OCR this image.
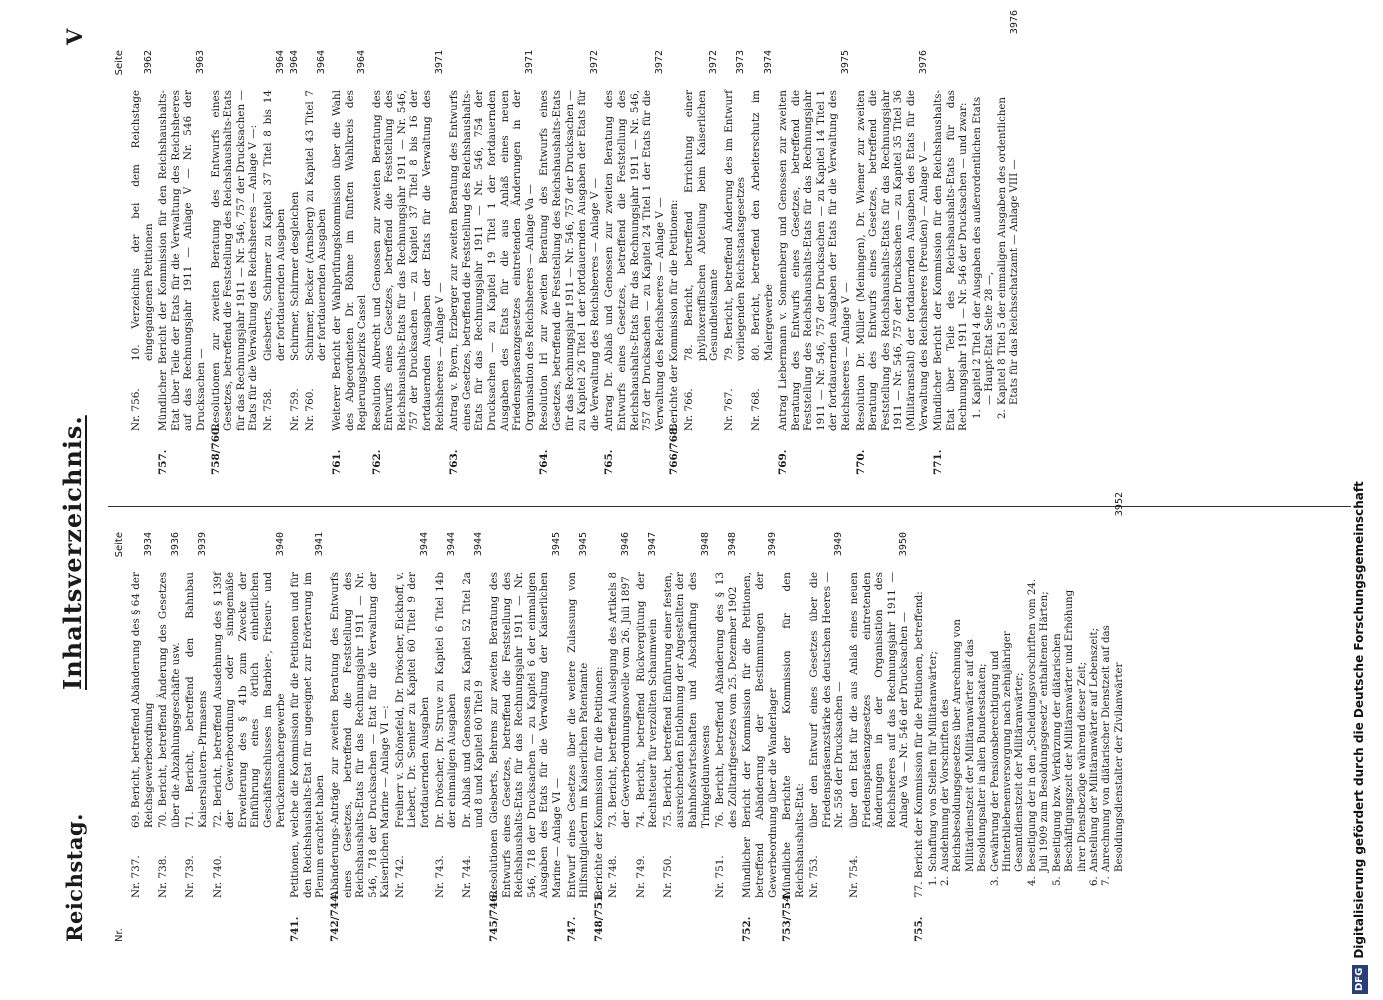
Reichstag.
Inhaltsverzeichnis.
V
Nr.
Seite
Nr. 737.
69. Bericht, betreffend Abänderung des § 64 der Reichsgewerbeordnung
3934
Nr. 738.
70. Bericht, betreffend Änderung des Gesetzes über die Abzahlungsgeschäfte usw.
3936
Nr. 739.
71. Bericht, betreffend den Bahnbau Kaiserslautern–Pirmasens
3939
Nr. 740.
72. Bericht, betreffend Ausdehnung des § 139f der Gewerbeordnung oder sinngemäße Erweiterung des § 41b zum Zwecke der Einführung eines örtlich einheitlichen Geschäftsschlusses im Barbier-, Friseur- und Perückenmachergewerbe
3940
741.
Petitionen, welche die Kommission für die Petitionen und für den Reichshaushalts-Etat für ungeeignet zur Erörterung im Plenum erachtet haben
3941
742/744.
Abänderungs-Anträge zur zweiten Beratung des Entwurfs eines Gesetzes, betreffend die Feststellung des Reichshaushalts-Etats für das Rechnungsjahr 1911 — Nr. 546, 718 der Drucksachen — Etat für die Verwaltung der Kaiserlichen Marine — Anlage VI —: Nr. 742.
Freiherr v. Schönefeld, Dr. Dröscher, Eickhoff, v. Liebert, Dr. Semler zu Kapitel 60 Titel 9 der fortdauernden Ausgaben
3944
Nr. 743.
Dr. Dröscher, Dr. Struve zu Kapitel 6 Titel 14b der einmaligen Ausgaben
3944
Nr. 744.
Dr. Ablaß und Genossen zu Kapitel 52 Titel 2a und 8 und Kapitel 60 Titel 9
3944
745/746.
Resolutionen Giesberts, Behrens zur zweiten Beratung des Entwurfs eines Gesetzes, betreffend die Feststellung des Reichshaushalts-Etats für das Rechnungsjahr 1911 — Nr. 546, 718 der Drucksachen — zu Kapitel 6 der einmaligen Ausgaben des Etats für die Verwaltung der Kaiserlichen Marine — Anlage VI —
3945
747.
Entwurf eines Gesetzes über die weitere Zulassung von Hilfsmitgliedern im Kaiserlichen Patentamte
3945
748/751.
Berichte der Kommission für die Petitionen: Nr. 748.
73. Bericht, betreffend Auslegung des Artikels 8 der Gewerbeordnungsnovelle vom 26. Juli 1897
3946
Nr. 749.
74. Bericht, betreffend Rückvergütung der Rechtsteuer für verzollten Schaumwein
3947
Nr. 750.
75. Bericht, betreffend Einführung einer festen, ausreichenden Entlohnung der Angestellten der Bahnhofswirtschaften und Abschaffung des Trinkgeldunwesens
3948
Nr. 751.
76. Bericht, betreffend Abänderung des § 13 des Zolltarifgesetzes vom 25. Dezember 1902
3948
752.
Mündlicher Bericht der Kommission für die Petitionen, betreffend Abänderung der Bestimmungen der Gewerbeordnung über die Wanderlager
3949
753/754.
Mündliche Berichte der Kommission für den Reichshaushalts-Etat: Nr. 753.
über den Entwurf eines Gesetzes über die Friedenspräsenzstärke des deutschen Heeres — Nr. 558 der Drucksachen —
3949
Nr. 754.
über den Etat für die aus Anlaß eines neuen Friedenspräsenzgesetzes eintretenden Änderungen in der Organisation des Reichsheeres auf das Rechnungsjahr 1911 — Anlage Va — Nr. 546 der Drucksachen —
3950
755.
77. Bericht der Kommission für die Petitionen, betreffend: 1.
Schaffung von Stellen für Militäranwärter;
2.
Ausdehnung der Vorschriften des Reichsbesoldungsgesetzes über Anrechnung von Militärdienstzeit der Militäranwärter auf das Besoldungsalter in allen Bundesstaaten;
3.
Gewährung der Pensionsberechtigung und Hinterbliebenenversorgung nach zehnjähriger Gesamtdienstzeit der Militäranwärter;
4.
Beseitigung der in den „Scheidungsvorschriften vom 24. Juli 1909 zum Besoldungsgesetz“ enthaltenen Härten;
5.
Beseitigung bzw. Verkürzung der diätarischen Beschäftigungszeit der Militäranwärter und Erhöhung ihrer Dienstbezüge während dieser Zeit;
6.
Anstellung der Militäranwärter auf Lebenszeit;
7.
Anrechnung von diätarischer Dienstzeit auf das Besoldungsdienstalter der Zivilanwärter
3952
Seite
Nr. 756.
10. Verzeichnis der bei dem Reichstage eingegangenen Petitionen
3962
757.
Mündlicher Bericht der Kommission für den Reichshaushalts-Etat über Teile der Etats für die Verwaltung des Reichsheeres auf das Rechnungsjahr 1911 — Anlage V — Nr. 546 der Drucksachen —
3963
758/760.
Resolutionen zur zweiten Beratung des Entwurfs eines Gesetzes, betreffend die Feststellung des Reichshaushalts-Etats für das Rechnungsjahr 1911 — Nr. 546, 757 der Drucksachen — Etats für die Verwaltung des Reichsheeres — Anlage V —: Nr. 758.
Giesberts, Schirmer zu Kapitel 37 Titel 8 bis 14 der fortdauernden Ausgaben
3964
Nr. 759.
Schirmer, Schirmer desgleichen
3964
Nr. 760.
Schirmer, Becker (Arnsberg) zu Kapitel 43 Titel 7 der fortdauernden Ausgaben
3964
761.
Weiterer Bericht der Wahlprüfungskommission über die Wahl des Abgeordneten Dr. Böhme im fünften Wahlkreis des Regierungsbezirks Cassel
3964
762.
Resolution Albrecht und Genossen zur zweiten Beratung des Entwurfs eines Gesetzes, betreffend die Feststellung des Reichshaushalts-Etats für das Rechnungsjahr 1911 — Nr. 546, 757 der Drucksachen — zu Kapitel 37 Titel 8 bis 16 der fortdauernden Ausgaben der Etats für die Verwaltung des Reichsheeres — Anlage V —
3971
763.
Antrag v. Byern, Erzberger zur zweiten Beratung des Entwurfs eines Gesetzes, betreffend die Feststellung des Reichshaushalts-Etats für das Rechnungsjahr 1911 — Nr. 546, 754 der Drucksachen — zu Kapitel 19 Titel 1 der fortdauernden Ausgaben des Etats für die aus Anlaß eines neuen Friedenspräsenzgesetzes eintretenden Änderungen in der Organisation des Reichsheeres — Anlage Va —
3971
764.
Resolution Irl zur zweiten Beratung des Entwurfs eines Gesetzes, betreffend die Feststellung des Reichshaushalts-Etats für das Rechnungsjahr 1911 — Nr. 546, 757 der Drucksachen — zu Kapitel 26 Titel 1 der fortdauernden Ausgaben der Etats für die Verwaltung des Reichsheeres — Anlage V —
3972
765.
Antrag Dr. Ablaß und Genossen zur zweiten Beratung des Entwurfs eines Gesetzes, betreffend die Feststellung des Reichshaushalts-Etats für das Rechnungsjahr 1911 — Nr. 546, 757 der Drucksachen — zu Kapitel 24 Titel 1 der Etats für die Verwaltung des Reichsheeres — Anlage V —
3972
766/768.
Berichte der Kommission für die Petitionen: Nr. 766.
78. Bericht, betreffend Errichtung einer phylloxeraffischen Abteilung beim Kaiserlichen Gesundheitsamte
3972
Nr. 767.
79. Bericht, betreffend Änderung des im Entwurf vorliegenden Reichsstaatsgesetzes
3973
Nr. 768.
80. Bericht, betreffend den Arbeiterschutz im Malergewerbe
3974
769.
Antrag Liebermann v. Sonnenberg und Genossen zur zweiten Beratung des Entwurfs eines Gesetzes, betreffend die Feststellung des Reichshaushalts-Etats für das Rechnungsjahr 1911 — Nr. 546, 757 der Drucksachen — zu Kapitel 14 Titel 1 der fortdauernden Ausgaben der Etats für die Verwaltung des Reichsheeres — Anlage V —
3975
770.
Resolution Dr. Müller (Meiningen), Dr. Wiemer zur zweiten Beratung des Entwurfs eines Gesetzes, betreffend die Feststellung des Reichshaushalts-Etats für das Rechnungsjahr 1911 — Nr. 546, 757 der Drucksachen — zu Kapitel 35 Titel 36 (Militäranstalt) der fortdauernden Ausgaben des Etats für die Verwaltung des Reichsheeres (Preußen) — Anlage V —
3976
771.
Mündlicher Bericht der Kommission für den Reichshaushalts-Etat über Teile des Reichshaushalts-Etats für das Rechnungsjahr 1911 — Nr. 546 der Drucksachen — und zwar: 1.
Kapitel 2 Titel 4 der Ausgaben des außerordentlichen Etats — Haupt-Etat Seite 28 —,
2.
Kapitel 8 Titel 5 der einmaligen Ausgaben des ordentlichen Etats für das Reichsschatzamt — Anlage VIII —
3976
DFGDigitalisierung gefördert durch die Deutsche Forschungsgemeinschaft
